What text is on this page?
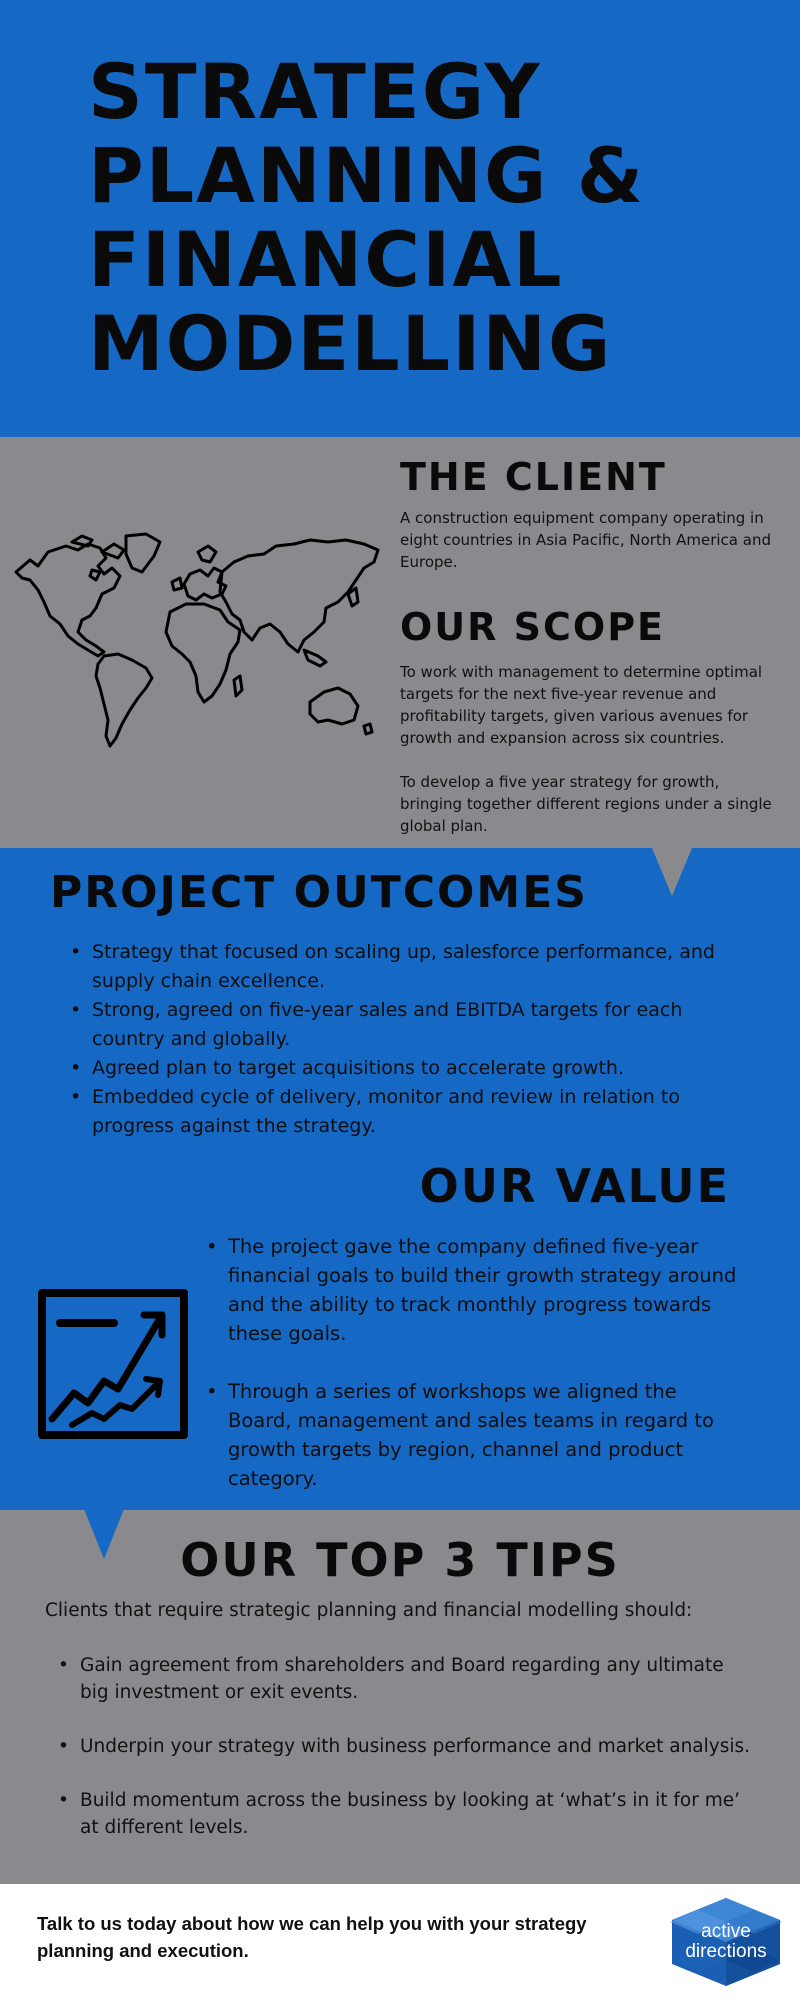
STRATEGY
PLANNING &
FINANCIAL
MODELLING
THE CLIENT

A construction equipment company operating in eight countries in Asia Pacific, North America and Europe.

OUR SCOPE

To work with management to determine optimal targets for the next five-year revenue and profitability targets, given various avenues for growth and expansion across six countries.

To develop a five year strategy for growth, bringing together different regions under a single global plan.

PROJECT OUTCOMES
• Strategy that focused on scaling up, salesforce performance, and supply chain excellence.
• Strong, agreed on five-year sales and EBITDA targets for each country and globally.
• Agreed plan to target acquisitions to accelerate growth.
• Embedded cycle of delivery, monitor and review in relation to progress against the strategy.
OUR VALUE
• The project gave the company defined five-year financial goals to build their growth strategy around and the ability to track monthly progress towards these goals.
• Through a series of workshops we aligned the Board, management and sales teams in regard to growth targets by region, channel and product category.
OUR TOP 3 TIPS

Clients that require strategic planning and financial modelling should:

• Gain agreement from shareholders and Board regarding any ultimate big investment or exit events.
• Underpin your strategy with business performance and market analysis.
• Build momentum across the business by looking at ‘what’s in it for me’ at different levels.

Talk to us today about how we can help you with your strategy planning and execution.

active
directions
